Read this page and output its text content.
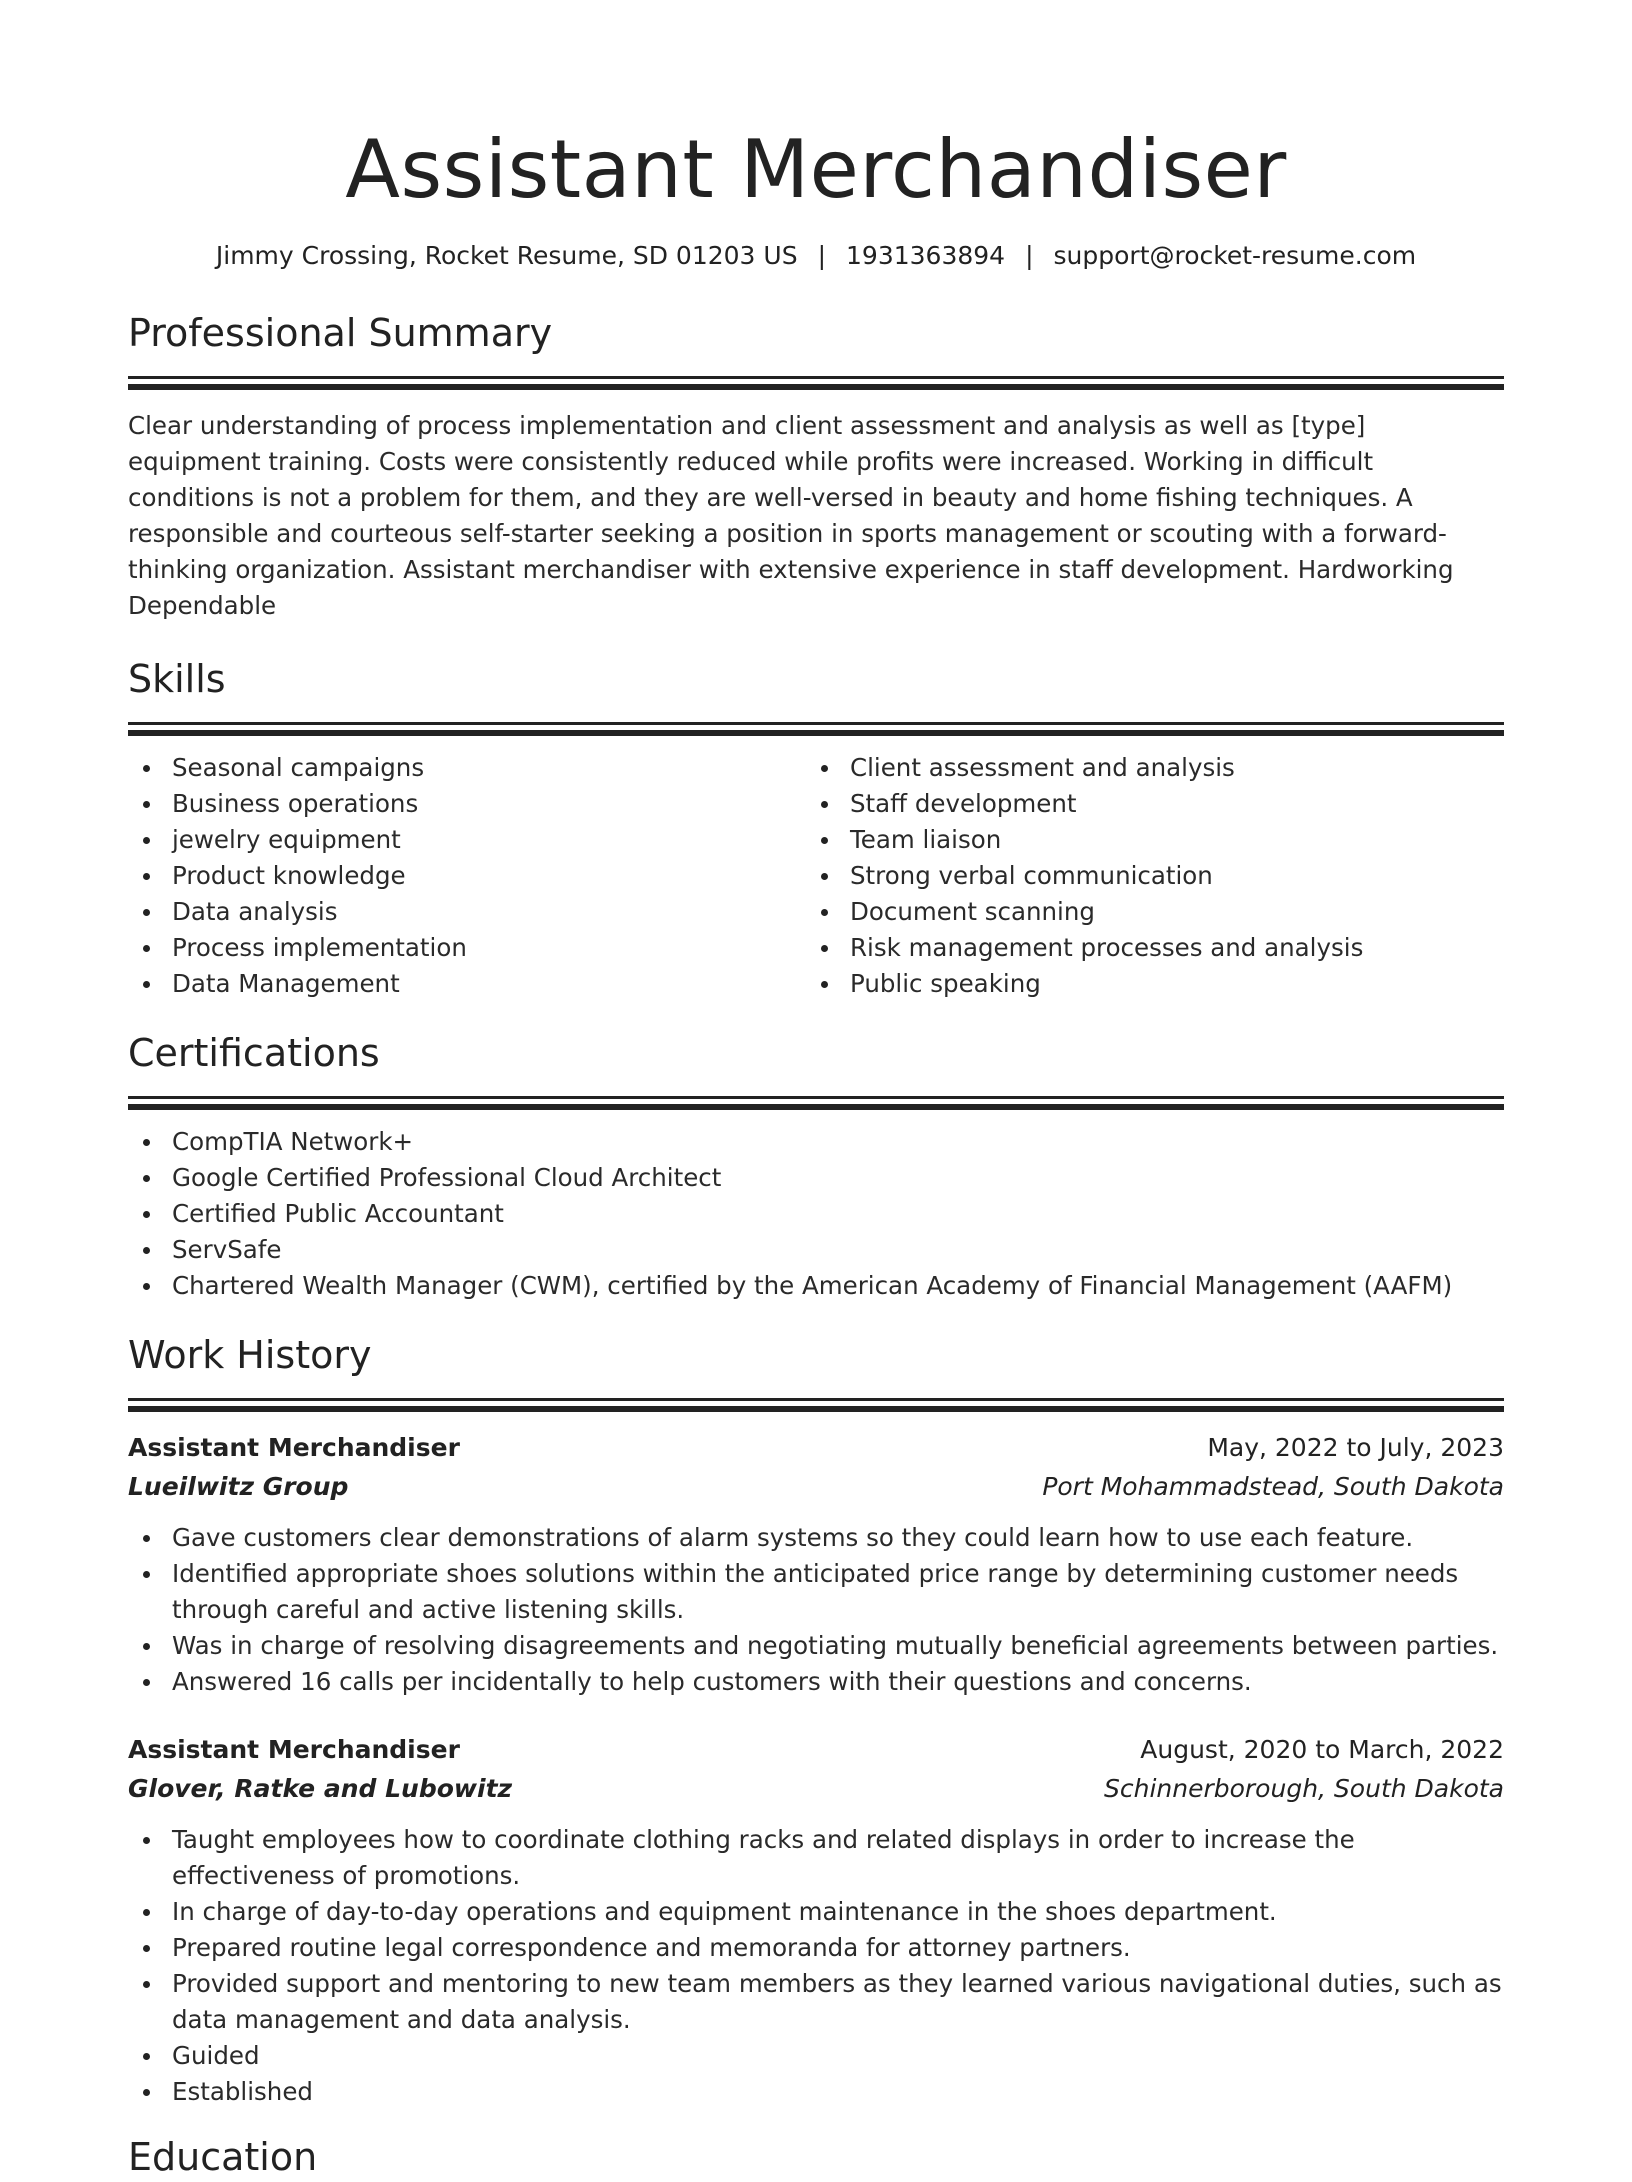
Assistant Merchandiser
Jimmy Crossing, Rocket Resume, SD 01203 US | 1931363894 | support@rocket-resume.com
Professional Summary

Clear understanding of process implementation and client assessment and analysis as well as [type] equipment training. Costs were consistently reduced while profits were increased. Working in difficult conditions is not a problem for them, and they are well-versed in beauty and home fishing techniques. A responsible and courteous self-starter seeking a position in sports management or scouting with a forward-thinking organization. Assistant merchandiser with extensive experience in staff development. Hardworking Dependable

Skills
Seasonal campaigns
Business operations
jewelry equipment
Product knowledge
Data analysis
Process implementation
Data Management
Client assessment and analysis
Staff development
Team liaison
Strong verbal communication
Document scanning
Risk management processes and analysis
Public speaking
Certifications
CompTIA Network+
Google Certified Professional Cloud Architect
Certified Public Accountant
ServSafe
Chartered Wealth Manager (CWM), certified by the American Academy of Financial Management (AAFM)
Work History
Assistant Merchandiser	May, 2022 to July, 2023
Lueilwitz Group	Port Mohammadstead, South Dakota
Gave customers clear demonstrations of alarm systems so they could learn how to use each feature.
Identified appropriate shoes solutions within the anticipated price range by determining customer needs through careful and active listening skills.
Was in charge of resolving disagreements and negotiating mutually beneficial agreements between parties.
Answered 16 calls per incidentally to help customers with their questions and concerns.
Assistant Merchandiser	August, 2020 to March, 2022
Glover, Ratke and Lubowitz	Schinnerborough, South Dakota
Taught employees how to coordinate clothing racks and related displays in order to increase the effectiveness of promotions.
In charge of day-to-day operations and equipment maintenance in the shoes department.
Prepared routine legal correspondence and memoranda for attorney partners.
Provided support and mentoring to new team members as they learned various navigational duties, such as data management and data analysis.
Guided
Established
Education
